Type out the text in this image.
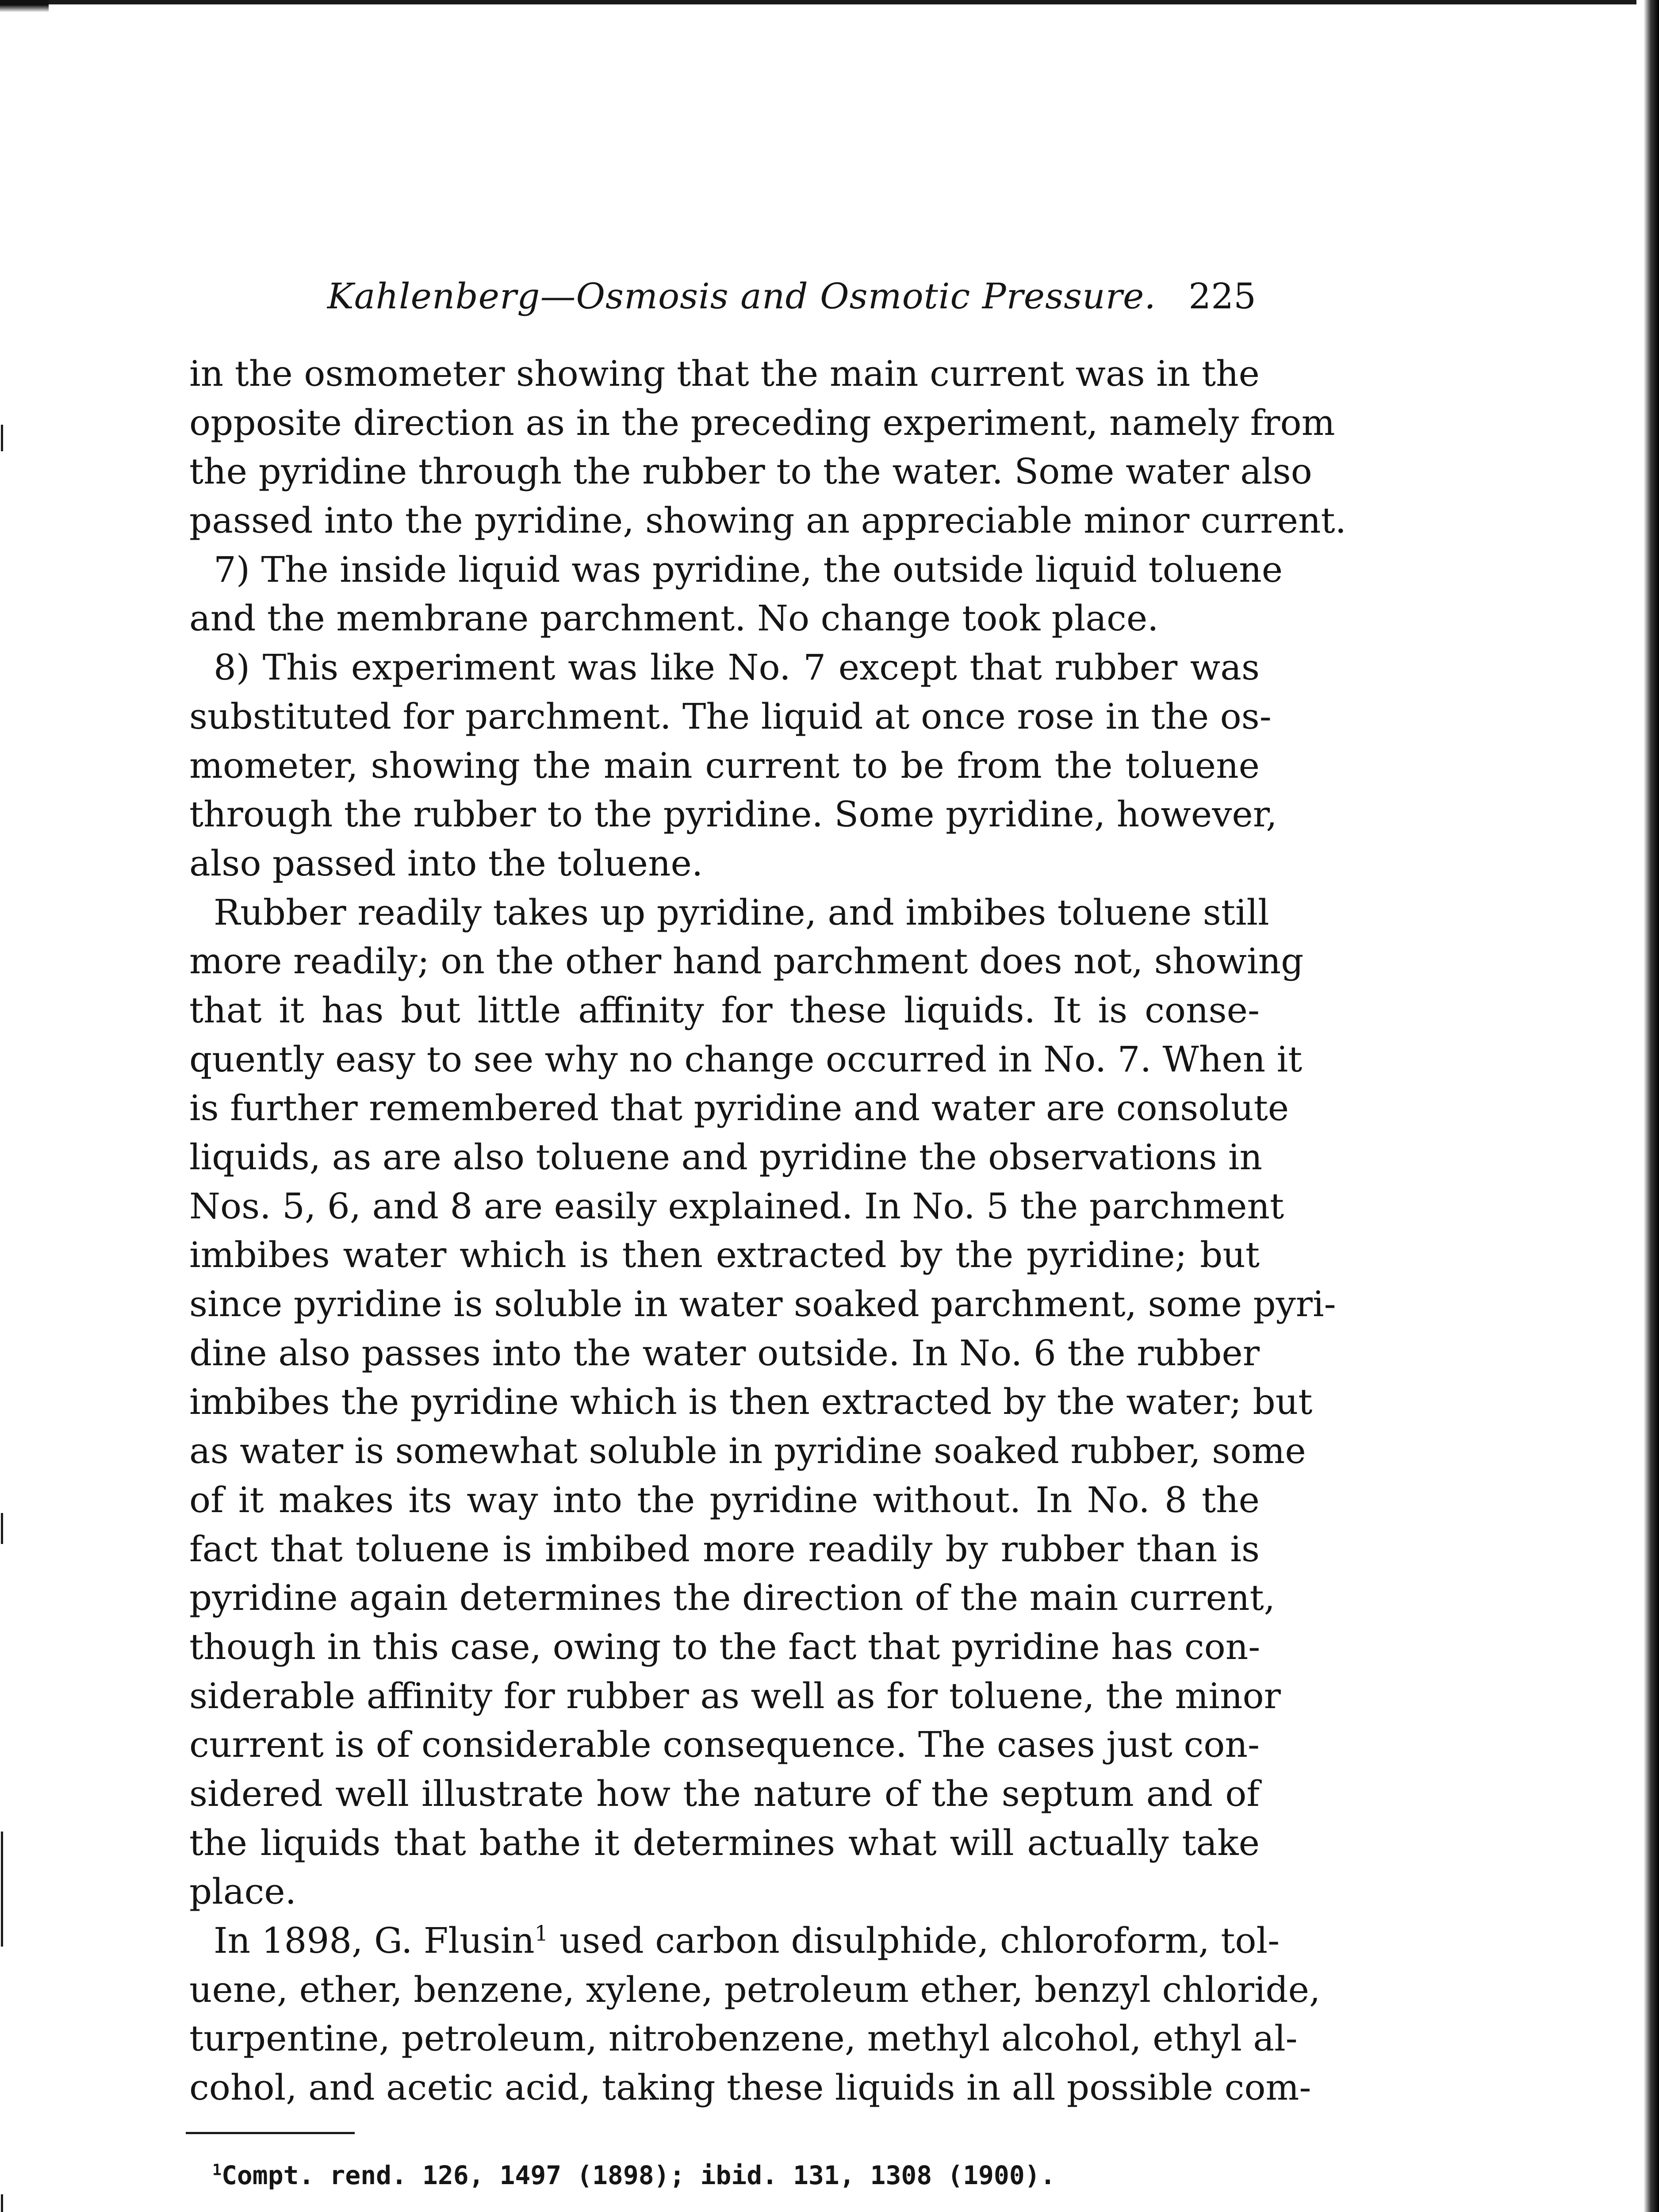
Kahlenberg—Osmosis and Osmotic Pressure. 225
in the osmometer showing that the main current was in the
opposite direction as in the preceding experiment, namely from
the pyridine through the rubber to the water. Some water also
passed into the pyridine, showing an appreciable minor current.
7) The inside liquid was pyridine, the outside liquid toluene
and the membrane parchment. No change took place.
8) This experiment was like No. 7 except that rubber was
substituted for parchment. The liquid at once rose in the os-
mometer, showing the main current to be from the toluene
through the rubber to the pyridine. Some pyridine, however,
also passed into the toluene.
Rubber readily takes up pyridine, and imbibes toluene still
more readily; on the other hand parchment does not, showing
that it has but little affinity for these liquids. It is conse-
quently easy to see why no change occurred in No. 7. When it
is further remembered that pyridine and water are consolute
liquids, as are also toluene and pyridine the observations in
Nos. 5, 6, and 8 are easily explained. In No. 5 the parchment
imbibes water which is then extracted by the pyridine; but
since pyridine is soluble in water soaked parchment, some pyri-
dine also passes into the water outside. In No. 6 the rubber
imbibes the pyridine which is then extracted by the water; but
as water is somewhat soluble in pyridine soaked rubber, some
of it makes its way into the pyridine without. In No. 8 the
fact that toluene is imbibed more readily by rubber than is
pyridine again determines the direction of the main current,
though in this case, owing to the fact that pyridine has con-
siderable affinity for rubber as well as for toluene, the minor
current is of considerable consequence. The cases just con-
sidered well illustrate how the nature of the septum and of
the liquids that bathe it determines what will actually take
place.
In 1898, G. Flusin$^1$ used carbon disulphide, chloroform, tol-
uene, ether, benzene, xylene, petroleum ether, benzyl chloride,
turpentine, petroleum, nitrobenzene, methyl alcohol, ethyl al-
cohol, and acetic acid, taking these liquids in all possible com-
$^1$Compt. rend. 126, 1497 (1898); ibid. 131, 1308 (1900).
